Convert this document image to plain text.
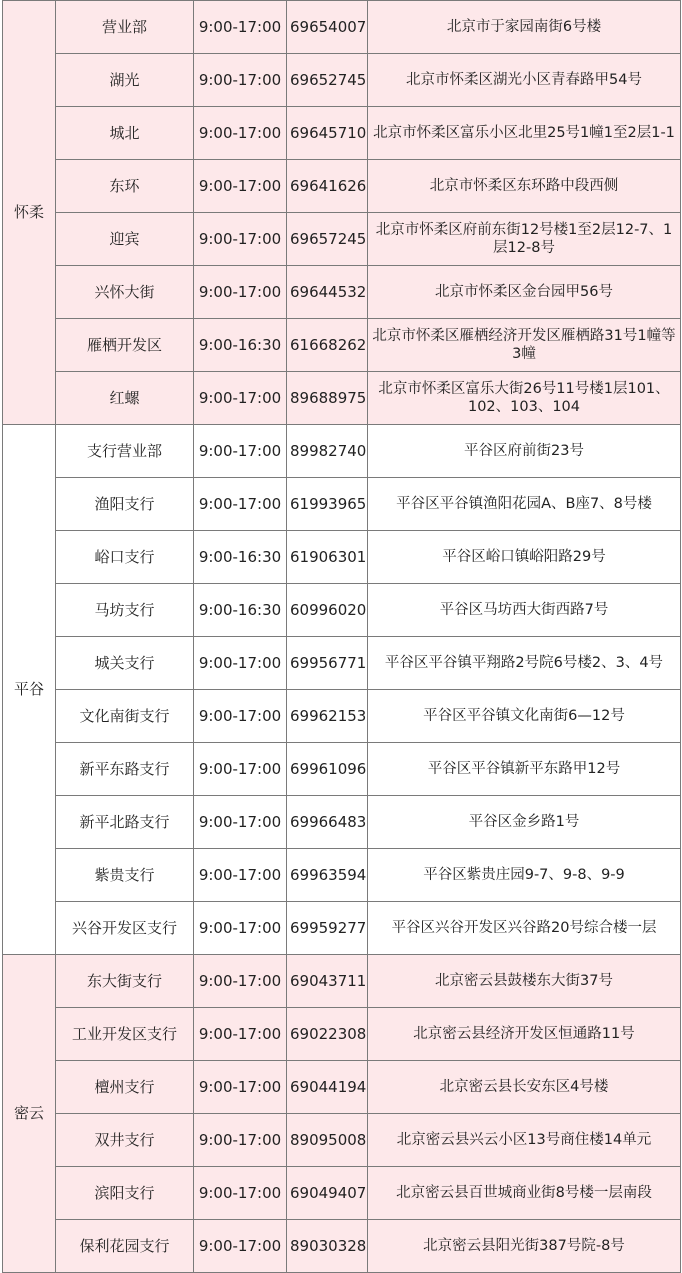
怀柔	营业部	9:00-17:00	69654007	北京市于家园南街6号楼
	湖光	9:00-17:00	69652745	北京市怀柔区湖光小区青春路甲54号
	城北	9:00-17:00	69645710	北京市怀柔区富乐小区北里25号1幢1至2层1-1
	东环	9:00-17:00	69641626	北京市怀柔区东环路中段西侧
	迎宾	9:00-17:00	69657245	北京市怀柔区府前东街12号楼1至2层12-7、1层12-8号
	兴怀大街	9:00-17:00	69644532	北京市怀柔区金台园甲56号
	雁栖开发区	9:00-16:30	61668262	北京市怀柔区雁栖经济开发区雁栖路31号1幢等3幢
	红螺	9:00-17:00	89688975	北京市怀柔区富乐大街26号11号楼1层101、102、103、104
平谷	支行营业部	9:00-17:00	89982740	平谷区府前街23号
	渔阳支行	9:00-17:00	61993965	平谷区平谷镇渔阳花园A、B座7、8号楼
	峪口支行	9:00-16:30	61906301	平谷区峪口镇峪阳路29号
	马坊支行	9:00-16:30	60996020	平谷区马坊西大街西路7号
	城关支行	9:00-17:00	69956771	平谷区平谷镇平翔路2号院6号楼2、3、4号
	文化南街支行	9:00-17:00	69962153	平谷区平谷镇文化南街6—12号
	新平东路支行	9:00-17:00	69961096	平谷区平谷镇新平东路甲12号
	新平北路支行	9:00-17:00	69966483	平谷区金乡路1号
	紫贵支行	9:00-17:00	69963594	平谷区紫贵庄园9-7、9-8、9-9
	兴谷开发区支行	9:00-17:00	69959277	平谷区兴谷开发区兴谷路20号综合楼一层
密云	东大街支行	9:00-17:00	69043711	北京密云县鼓楼东大街37号
	工业开发区支行	9:00-17:00	69022308	北京密云县经济开发区恒通路11号
	檀州支行	9:00-17:00	69044194	北京密云县长安东区4号楼
	双井支行	9:00-17:00	89095008	北京密云县兴云小区13号商住楼14单元
	滨阳支行	9:00-17:00	69049407	北京密云县百世城商业街8号楼一层南段
	保利花园支行	9:00-17:00	89030328	北京密云县阳光街387号院-8号
